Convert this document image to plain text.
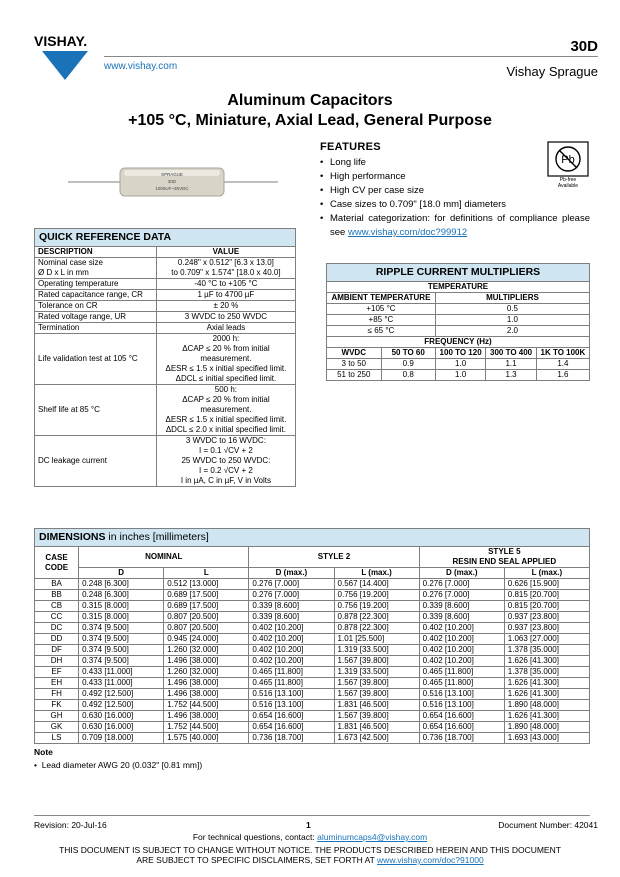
VISHAY.
www.vishay.com
30D
Vishay Sprague
Aluminum Capacitors
+105 °C, Miniature, Axial Lead, General Purpose
SPRAGUE
30D
1000UF~35VDC
FEATURES
• Long life
• High performance
• High CV per case size
• Case sizes to 0.709" [18.0 mm] diameters
• Material categorization: for definitions of compliance please see www.vishay.com/doc?99912
Pb
Pb-free
Available
QUICK REFERENCE DATA	
DESCRIPTION	VALUE
Nominal case size
Ø D x L in mm	0.248" x 0.512" [6.3 x 13.0]
to 0.709" x 1.574" [18.0 x 40.0]
Operating temperature	-40 °C to +105 °C
Rated capacitance range, CR	1 µF to 4700 µF
Tolerance on CR	± 20 %
Rated voltage range, UR	3 WVDC to 250 WVDC
Termination	Axial leads
Life validation test at 105 °C	2000 h:
ΔCAP ≤ 20 % from initial
measurement.
ΔESR ≤ 1.5 x initial specified limit.
ΔDCL ≤ initial specified limit.
Shelf life at 85 °C	500 h:
ΔCAP ≤ 20 % from initial
measurement.
ΔESR ≤ 1.5 x initial specified limit.
ΔDCL ≤ 2.0 x initial specified limit.
DC leakage current	3 WVDC to 16 WVDC:
I = 0.1 √CV + 2
25 WVDC to 250 WVDC:
I = 0.2 √CV + 2
I in µA, C in µF, V in Volts
RIPPLE CURRENT MULTIPLIERS				
TEMPERATURE				
AMBIENT TEMPERATURE		MULTIPLIERS		
+105 °C		0.5		
+85 °C		1.0		
≤ 65 °C		2.0		
FREQUENCY (Hz)				
WVDC	50 TO 60	100 TO 120	300 TO 400	1K TO 100K
3 to 50	0.9	1.0	1.1	1.4
51 to 250	0.8	1.0	1.3	1.6
DIMENSIONS in inches [millimeters]						
CASE
CODE	NOMINAL		STYLE 2		STYLE 5
RESIN END SEAL APPLIED	
	D	L	D (max.)	L (max.)	D (max.)	L (max.)
BA	0.248 [6.300]	0.512 [13.000]	0.276 [7.000]	0.567 [14.400]	0.276 [7.000]	0.626 [15.900]
BB	0.248 [6.300]	0.689 [17.500]	0.276 [7.000]	0.756 [19.200]	0.276 [7.000]	0.815 [20.700]
CB	0.315 [8.000]	0.689 [17.500]	0.339 [8.600]	0.756 [19.200]	0.339 [8.600]	0.815 [20.700]
CC	0.315 [8.000]	0.807 [20.500]	0.339 [8.600]	0.878 [22.300]	0.339 [8.600]	0.937 [23.800]
DC	0.374 [9.500]	0.807 [20.500]	0.402 [10.200]	0.878 [22.300]	0.402 [10.200]	0.937 [23.800]
DD	0.374 [9.500]	0.945 [24.000]	0.402 [10.200]	1.01 [25.500]	0.402 [10.200]	1.063 [27.000]
DF	0.374 [9.500]	1.260 [32.000]	0.402 [10.200]	1.319 [33.500]	0.402 [10.200]	1.378 [35.000]
DH	0.374 [9.500]	1.496 [38.000]	0.402 [10.200]	1.567 [39.800]	0.402 [10.200]	1.626 [41.300]
EF	0.433 [11.000]	1.260 [32.000]	0.465 [11.800]	1.319 [33.500]	0.465 [11.800]	1.378 [35.000]
EH	0.433 [11.000]	1.496 [38.000]	0.465 [11.800]	1.567 [39.800]	0.465 [11.800]	1.626 [41.300]
FH	0.492 [12.500]	1.496 [38.000]	0.516 [13.100]	1.567 [39.800]	0.516 [13.100]	1.626 [41.300]
FK	0.492 [12.500]	1.752 [44.500]	0.516 [13.100]	1.831 [46.500]	0.516 [13.100]	1.890 [48.000]
GH	0.630 [16.000]	1.496 [38.000]	0.654 [16.600]	1.567 [39.800]	0.654 [16.600]	1.626 [41.300]
GK	0.630 [16.000]	1.752 [44.500]	0.654 [16.600]	1.831 [46.500]	0.654 [16.600]	1.890 [48.000]
LS	0.709 [18.000]	1.575 [40.000]	0.736 [18.700]	1.673 [42.500]	0.736 [18.700]	1.693 [43.000]
Note
•  Lead diameter AWG 20 (0.032" [0.81 mm])
Revision: 20-Jul-16	1	Document Number: 42041
For technical questions, contact: aluminumcaps4@vishay.com
THIS DOCUMENT IS SUBJECT TO CHANGE WITHOUT NOTICE. THE PRODUCTS DESCRIBED HEREIN AND THIS DOCUMENT
ARE SUBJECT TO SPECIFIC DISCLAIMERS, SET FORTH AT www.vishay.com/doc?91000
